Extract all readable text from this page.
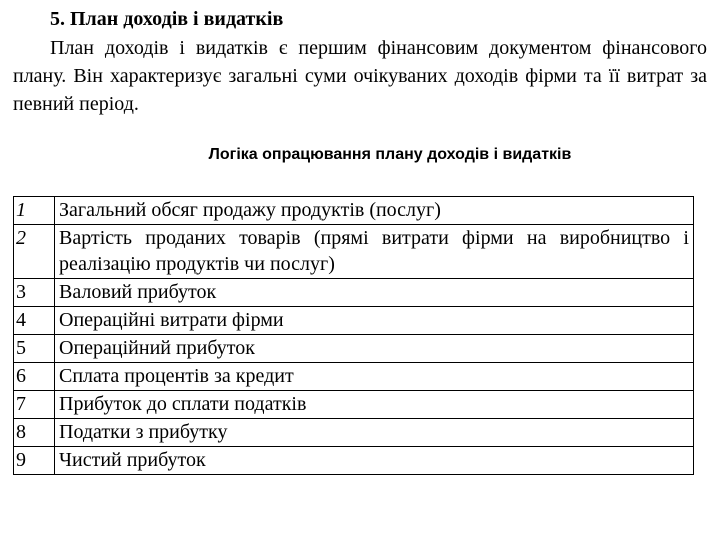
5. План доходів і видатків

План доходів і видатків є першим фінансовим документом фінансового плану. Він характеризує загальні суми очікуваних доходів фірми та її витрат за певний період.

Логіка опрацювання плану доходів і видатків
1	Загальний обсяг продажу продуктів (послуг)
2	Вартість проданих товарів (прямі витрати фірми на виробництво і реалізацію продуктів чи послуг)
3	Валовий прибуток
4	Операційні витрати фірми
5	Операційний прибуток
6	Сплата процентів за кредит
7	Прибуток до сплати податків
8	Податки з прибутку
9	Чистий прибуток
